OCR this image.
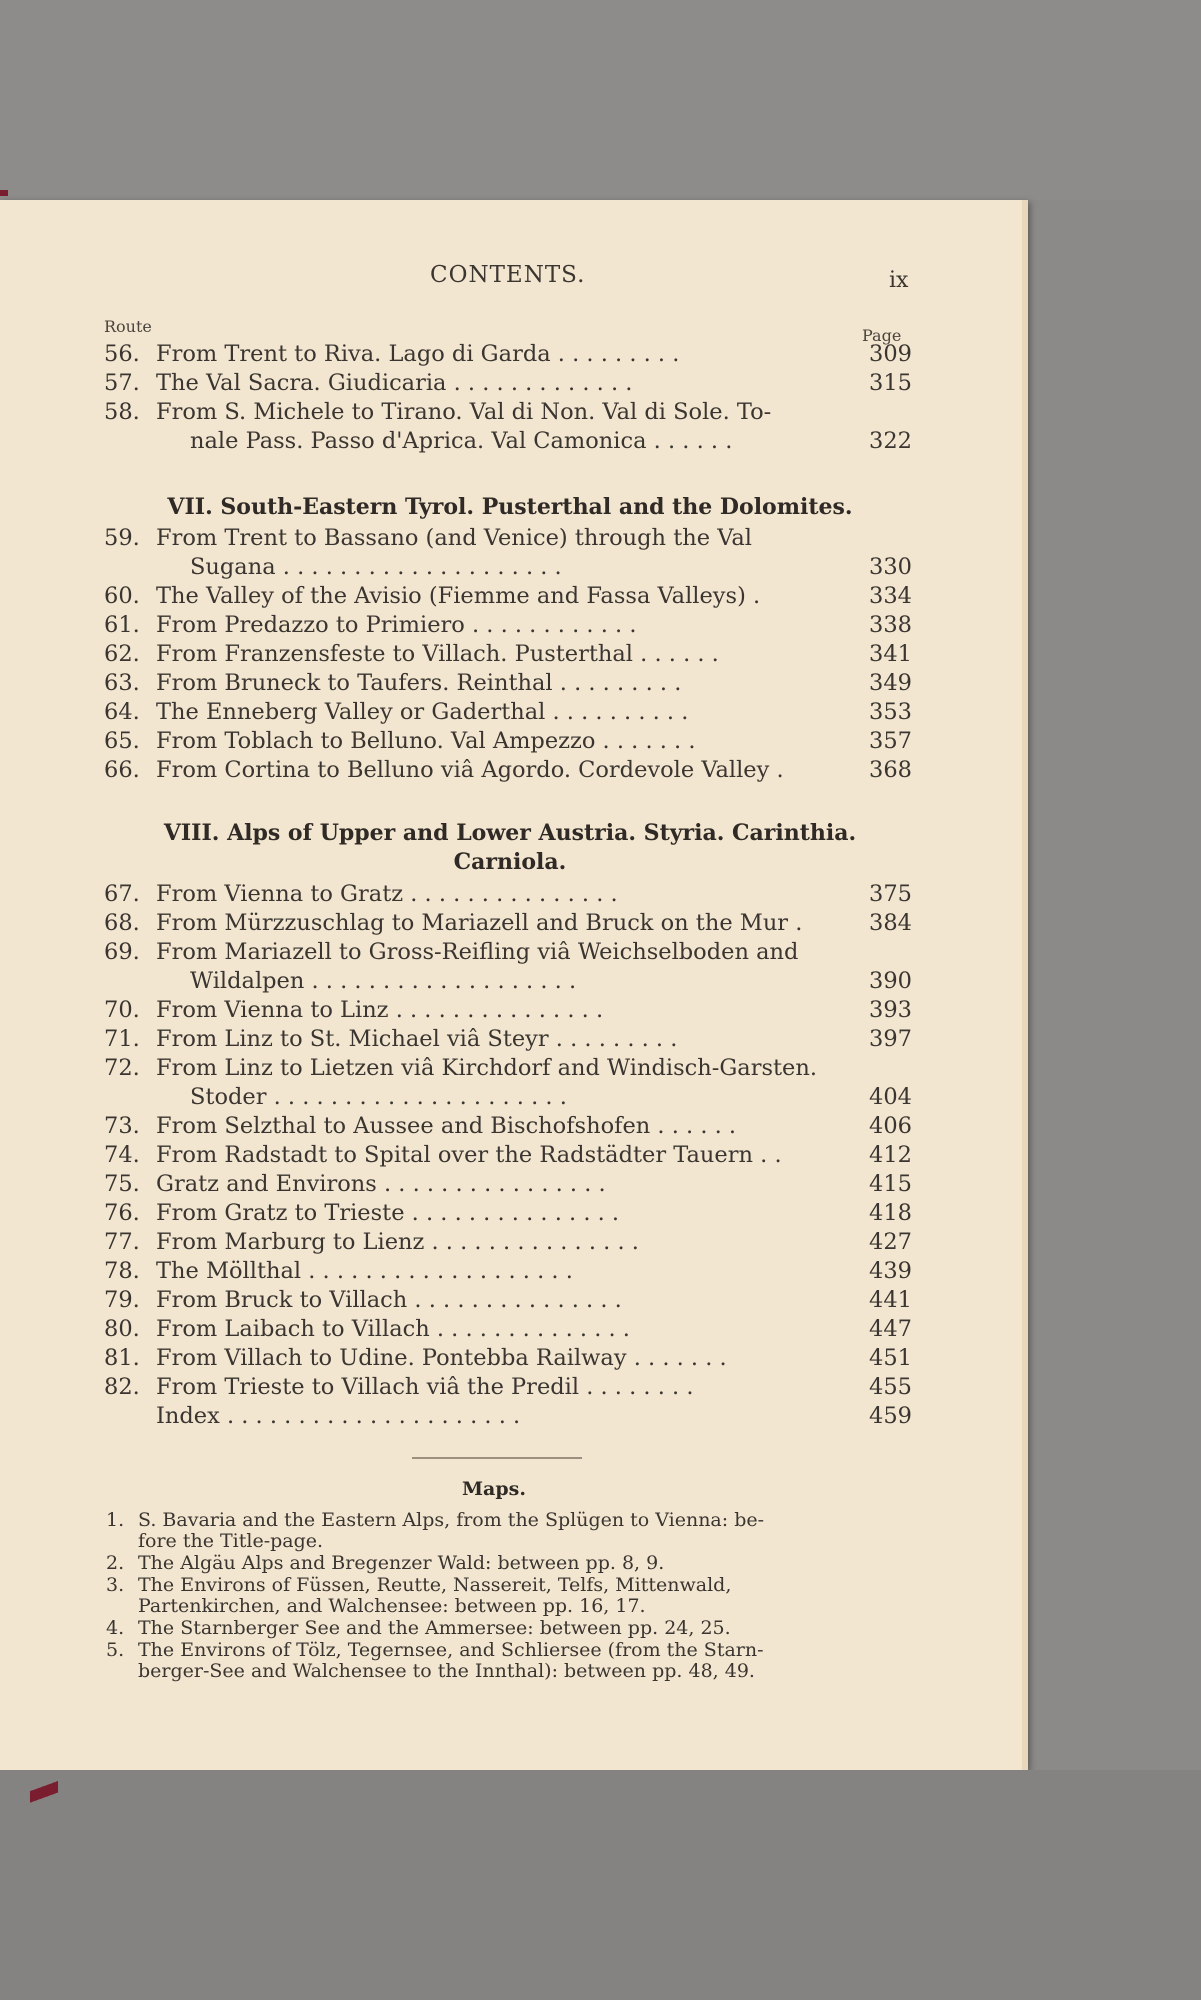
CONTENTS.	ix
Route	Page
VII. South-Eastern Tyrol. Pusterthal and the Dolomites.
VIII. Alps of Upper and Lower Austria. Styria. Carinthia.
Carniola.
56. From Trent to Riva. Lago di Garda . . . . . . . . .	309
57. The Val Sacra. Giudicaria . . . . . . . . . . . . .	315
58. From S. Michele to Tirano. Val di Non. Val di Sole. To-
nale Pass. Passo d'Aprica. Val Camonica . . . . . .	322
59. From Trent to Bassano (and Venice) through the Val
Sugana . . . . . . . . . . . . . . . . . . . .	330
60. The Valley of the Avisio (Fiemme and Fassa Valleys) .	334
61. From Predazzo to Primiero . . . . . . . . . . . .	338
62. From Franzensfeste to Villach. Pusterthal . . . . . .	341
63. From Bruneck to Taufers. Reinthal . . . . . . . . .	349
64. The Enneberg Valley or Gaderthal . . . . . . . . . .	353
65. From Toblach to Belluno. Val Ampezzo . . . . . . .	357
66. From Cortina to Belluno viâ Agordo. Cordevole Valley .	368
67. From Vienna to Gratz . . . . . . . . . . . . . . .	375
68. From Mürzzuschlag to Mariazell and Bruck on the Mur .	384
69. From Mariazell to Gross-Reifling viâ Weichselboden and
Wildalpen . . . . . . . . . . . . . . . . . . .	390
70. From Vienna to Linz . . . . . . . . . . . . . . .	393
71. From Linz to St. Michael viâ Steyr . . . . . . . . .	397
72. From Linz to Lietzen viâ Kirchdorf and Windisch-Garsten.
Stoder . . . . . . . . . . . . . . . . . . . . .	404
73. From Selzthal to Aussee and Bischofshofen . . . . . .	406
74. From Radstadt to Spital over the Radstädter Tauern . .	412
75. Gratz and Environs . . . . . . . . . . . . . . . .	415
76. From Gratz to Trieste . . . . . . . . . . . . . . .	418
77. From Marburg to Lienz . . . . . . . . . . . . . . .	427
78. The Möllthal . . . . . . . . . . . . . . . . . . .	439
79. From Bruck to Villach . . . . . . . . . . . . . . .	441
80. From Laibach to Villach . . . . . . . . . . . . . .	447
81. From Villach to Udine. Pontebba Railway . . . . . . .	451
82. From Trieste to Villach viâ the Predil . . . . . . . .	455
Index . . . . . . . . . . . . . . . . . . . . .	459
Maps.
1. S. Bavaria and the Eastern Alps, from the Splügen to Vienna: be-
fore the Title-page.
2. The Algäu Alps and Bregenzer Wald: between pp. 8, 9.
3. The Environs of Füssen, Reutte, Nassereit, Telfs, Mittenwald,
Partenkirchen, and Walchensee: between pp. 16, 17.
4. The Starnberger See and the Ammersee: between pp. 24, 25.
5. The Environs of Tölz, Tegernsee, and Schliersee (from the Starn-
berger-See and Walchensee to the Innthal): between pp. 48, 49.
